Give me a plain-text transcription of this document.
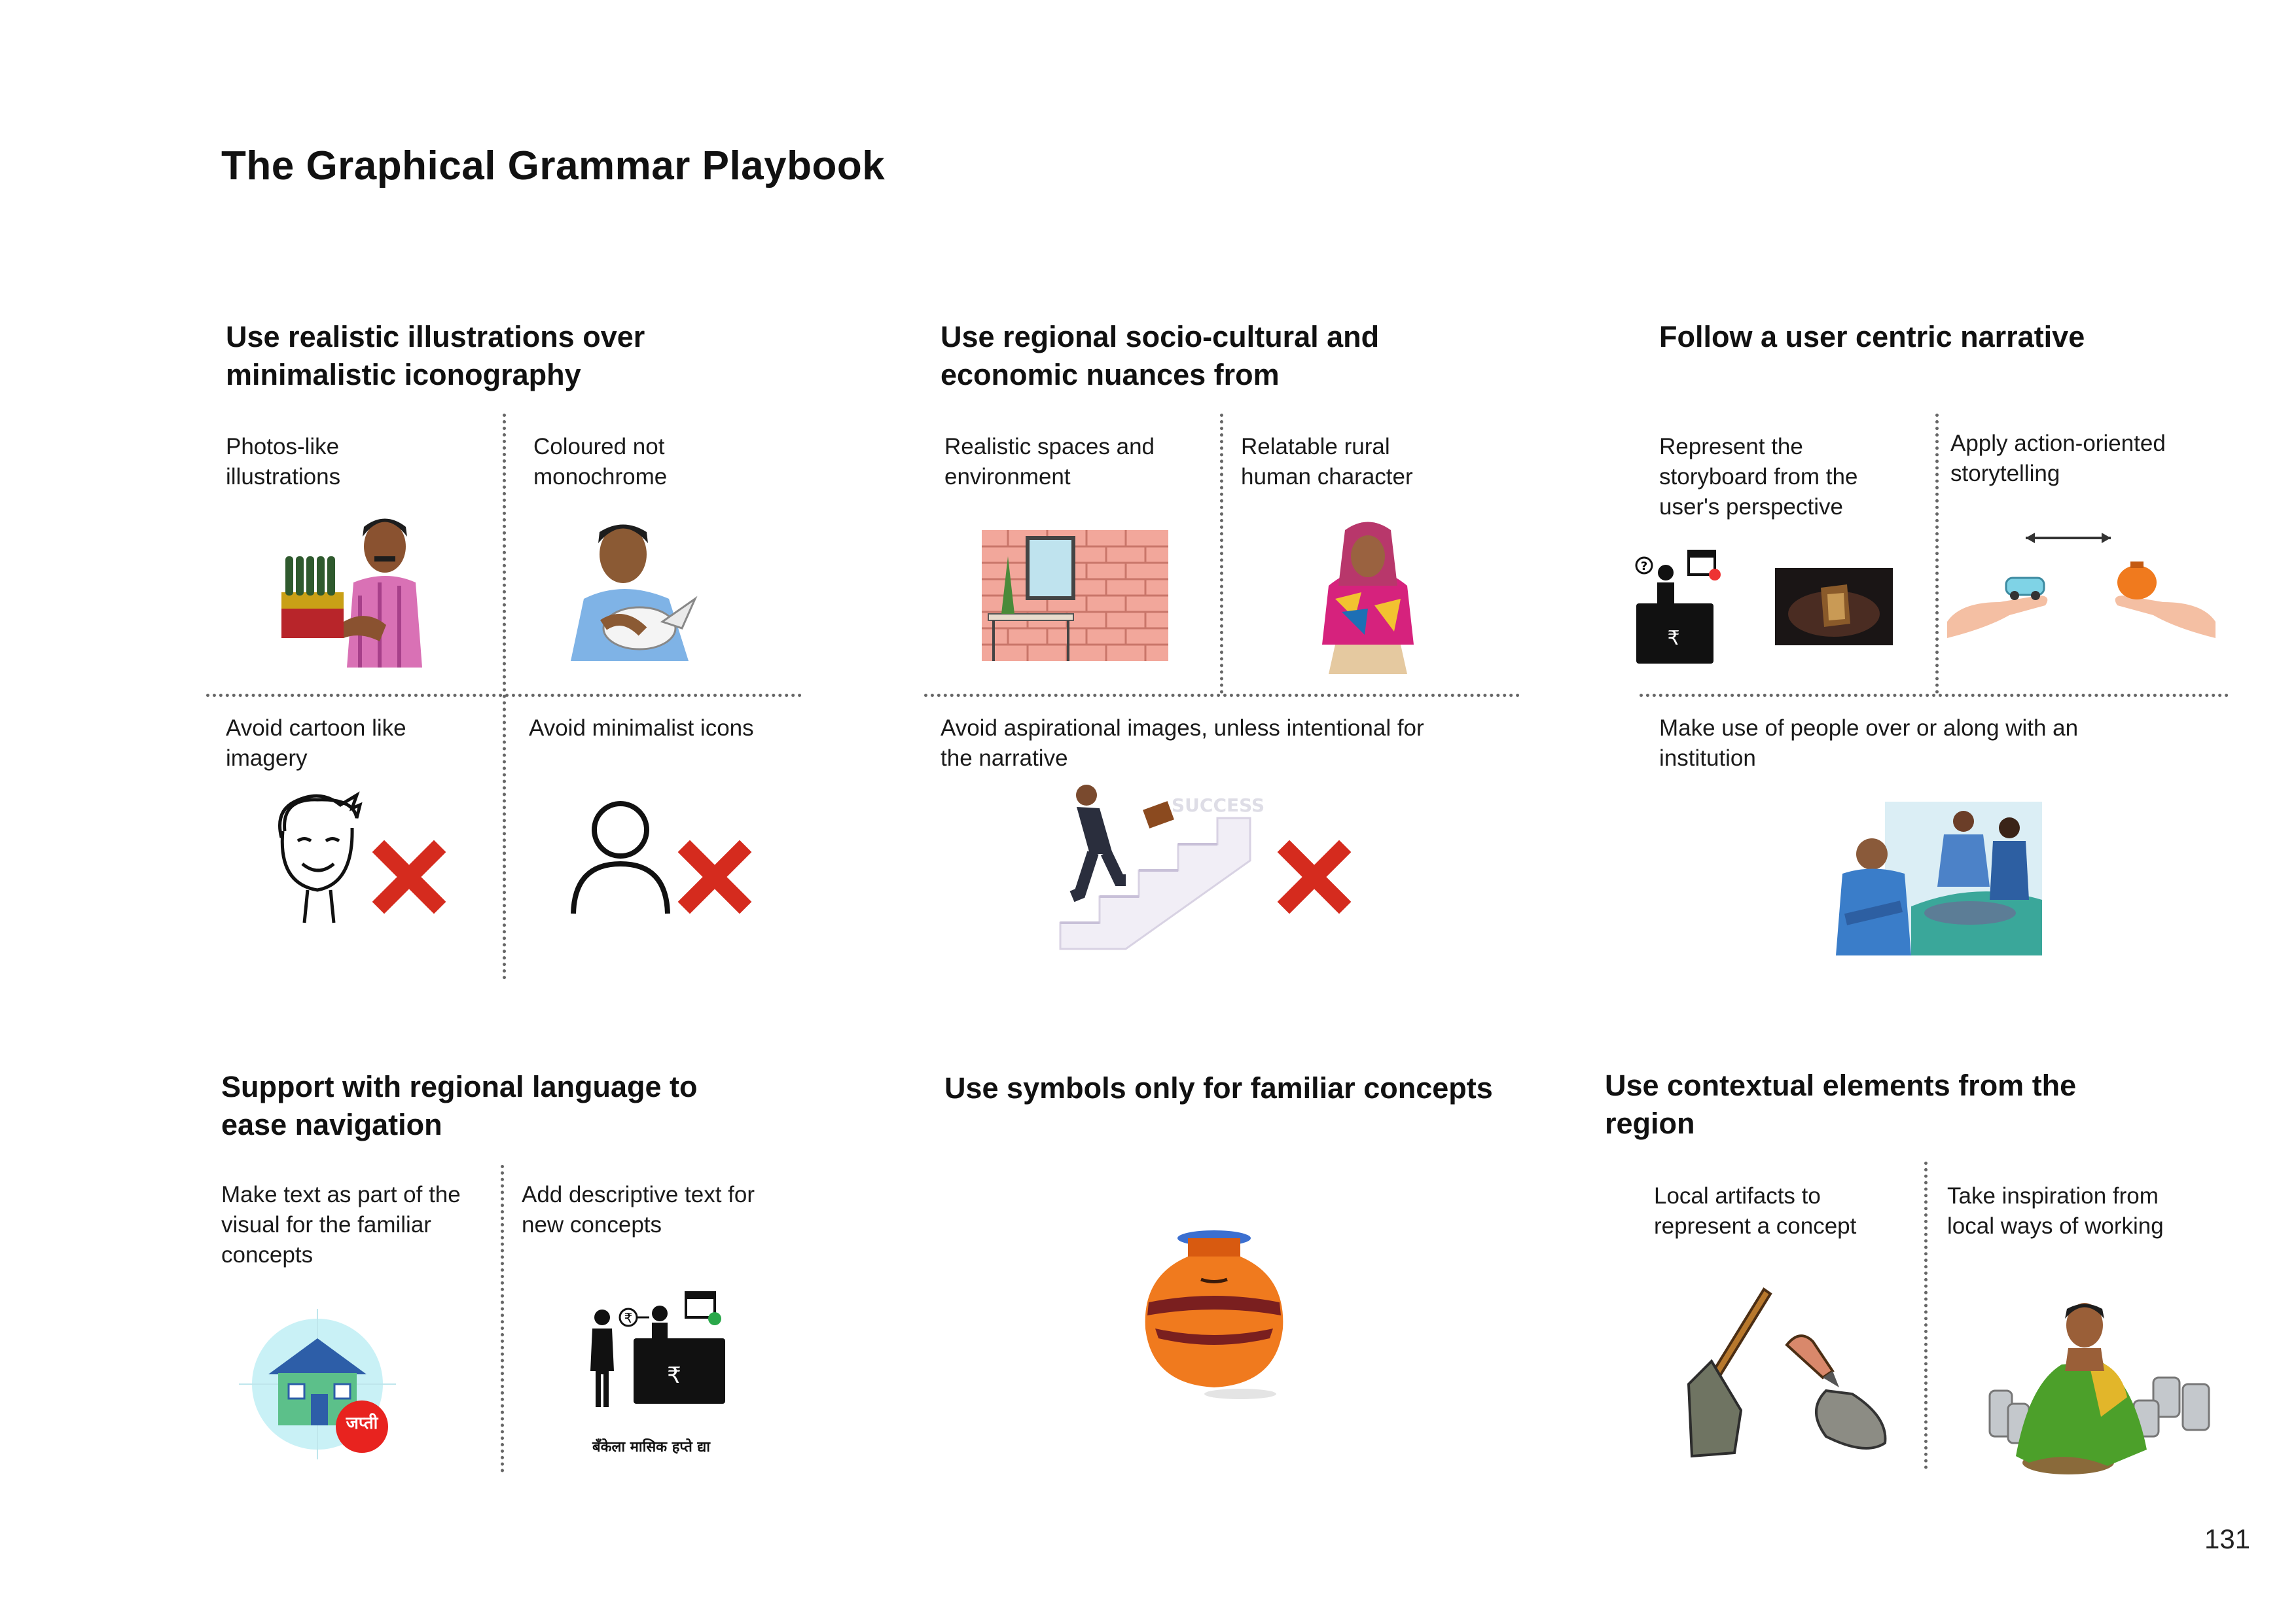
The Graphical Grammar Playbook
Use realistic illustrations over
minimalistic iconography
Photos-like
illustrations
Coloured not
monochrome
Avoid cartoon like
imagery
Avoid minimalist icons
Use regional socio-cultural and
economic nuances from
Realistic spaces and
environment
Relatable rural
human character
Avoid aspirational images, unless intentional for
the narrative
SUCCESS
Follow a user centric narrative
Represent the
storyboard from the
user's perspective
Apply action-oriented
storytelling
?
₹
Make use of people over or along with an
institution
Support with regional language to
ease navigation
Make text as part of the
visual for the familiar
concepts
Add descriptive text for
new concepts
जप्ती
₹
₹
बँकेला मासिक हप्ते द्या
Use symbols only for familiar concepts	Use contextual elements from the
region
Local artifacts to
represent a concept
Take inspiration from
local ways of working
131
